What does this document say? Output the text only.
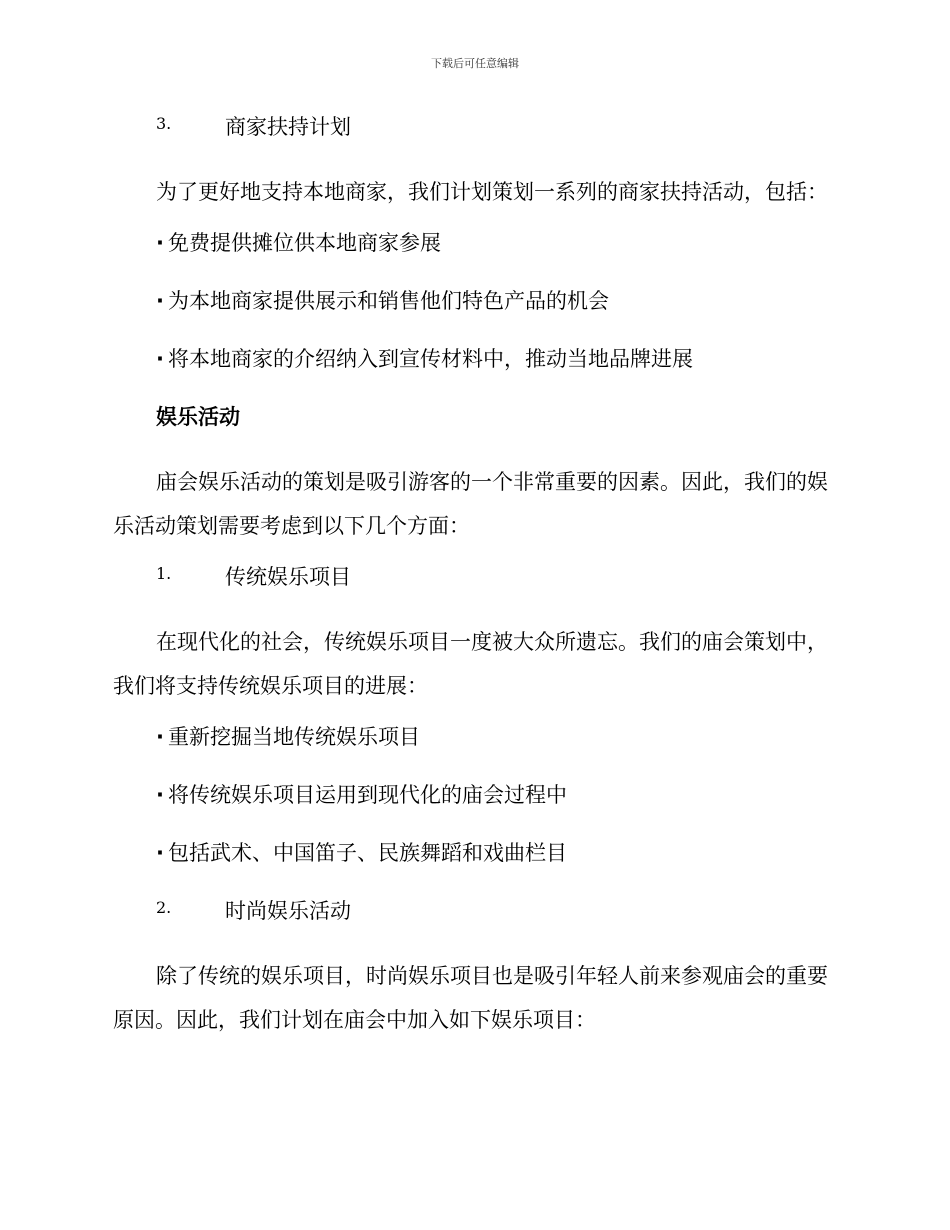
下载后可任意编辑
3.	商家扶持计划
为了更好地支持本地商家，我们计划策划一系列的商家扶持活动，包括：
· 免费提供摊位供本地商家参展
· 为本地商家提供展示和销售他们特色产品的机会
· 将本地商家的介绍纳入到宣传材料中，推动当地品牌进展
娱乐活动
庙会娱乐活动的策划是吸引游客的一个非常重要的因素。因此，我们的娱乐活动策划需要考虑到以下几个方面：
1.	传统娱乐项目
在现代化的社会，传统娱乐项目一度被大众所遗忘。我们的庙会策划中，我们将支持传统娱乐项目的进展：
· 重新挖掘当地传统娱乐项目
· 将传统娱乐项目运用到现代化的庙会过程中
· 包括武术、中国笛子、民族舞蹈和戏曲栏目
2.	时尚娱乐活动
除了传统的娱乐项目，时尚娱乐项目也是吸引年轻人前来参观庙会的重要原因。因此，我们计划在庙会中加入如下娱乐项目：
